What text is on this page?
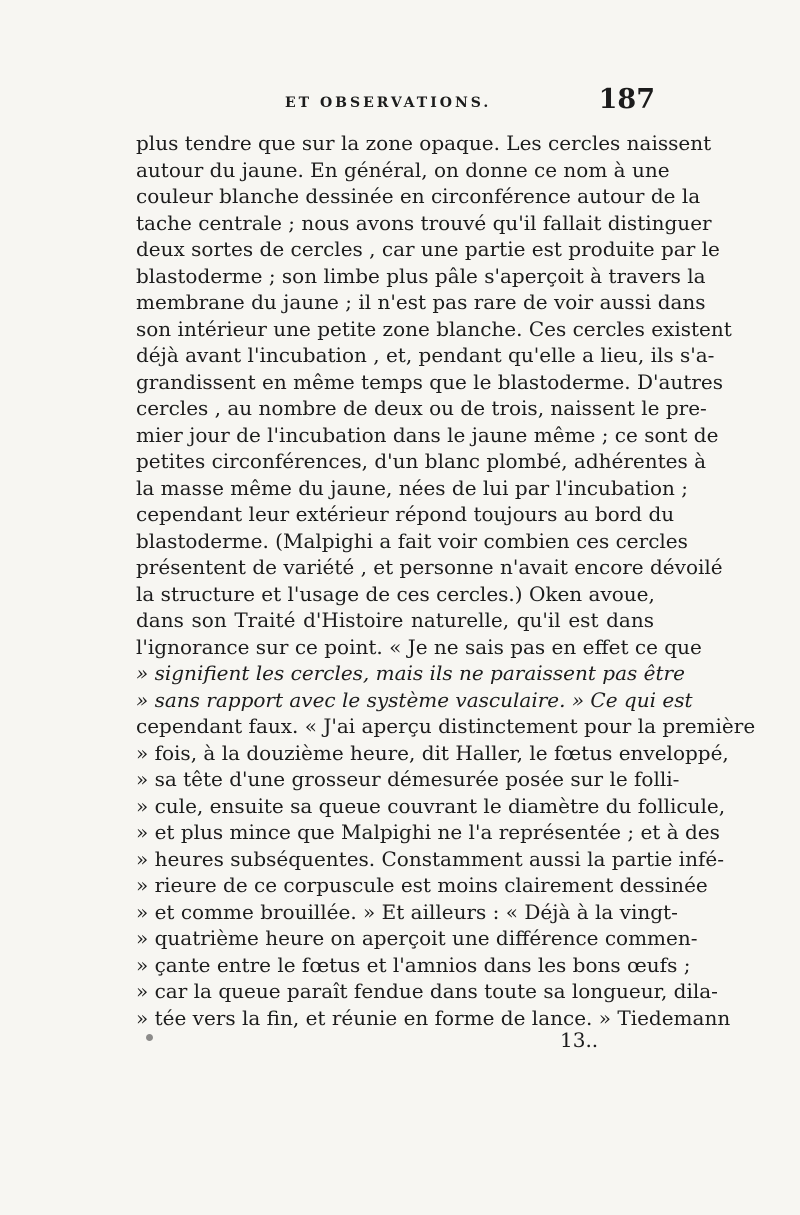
ET OBSERVATIONS.	187
plus tendre que sur la zone opaque. Les cercles naissent
autour du jaune. En général, on donne ce nom à une
couleur blanche dessinée en circonférence autour de la
tache centrale ; nous avons trouvé qu'il fallait distinguer
deux sortes de cercles , car une partie est produite par le
blastoderme ; son limbe plus pâle s'aperçoit à travers la
membrane du jaune ; il n'est pas rare de voir aussi dans
son intérieur une petite zone blanche. Ces cercles existent
déjà avant l'incubation , et, pendant qu'elle a lieu, ils s'a-
grandissent en même temps que le blastoderme. D'autres
cercles , au nombre de deux ou de trois, naissent le pre-
mier jour de l'incubation dans le jaune même ; ce sont de
petites circonférences, d'un blanc plombé, adhérentes à
la masse même du jaune, nées de lui par l'incubation ;
cependant leur extérieur répond toujours au bord du
blastoderme. (Malpighi a fait voir combien ces cercles
présentent de variété , et personne n'avait encore dévoilé
la structure et l'usage de ces cercles.) Oken avoue,
dans son Traité d'Histoire naturelle, qu'il est dans
l'ignorance sur ce point. « Je ne sais pas en effet ce que
» signifient les cercles, mais ils ne paraissent pas être
» sans rapport avec le système vasculaire. » Ce qui est
cependant faux. « J'ai aperçu distinctement pour la première
» fois, à la douzième heure, dit Haller, le fœtus enveloppé,
» sa tête d'une grosseur démesurée posée sur le folli-
» cule, ensuite sa queue couvrant le diamètre du follicule,
» et plus mince que Malpighi ne l'a représentée ; et à des
» heures subséquentes. Constamment aussi la partie infé-
» rieure de ce corpuscule est moins clairement dessinée
» et comme brouillée. » Et ailleurs : « Déjà à la vingt-
» quatrième heure on aperçoit une différence commen-
» çante entre le fœtus et l'amnios dans les bons œufs ;
» car la queue paraît fendue dans toute sa longueur, dila-
» tée vers la fin, et réunie en forme de lance. » Tiedemann
13..
